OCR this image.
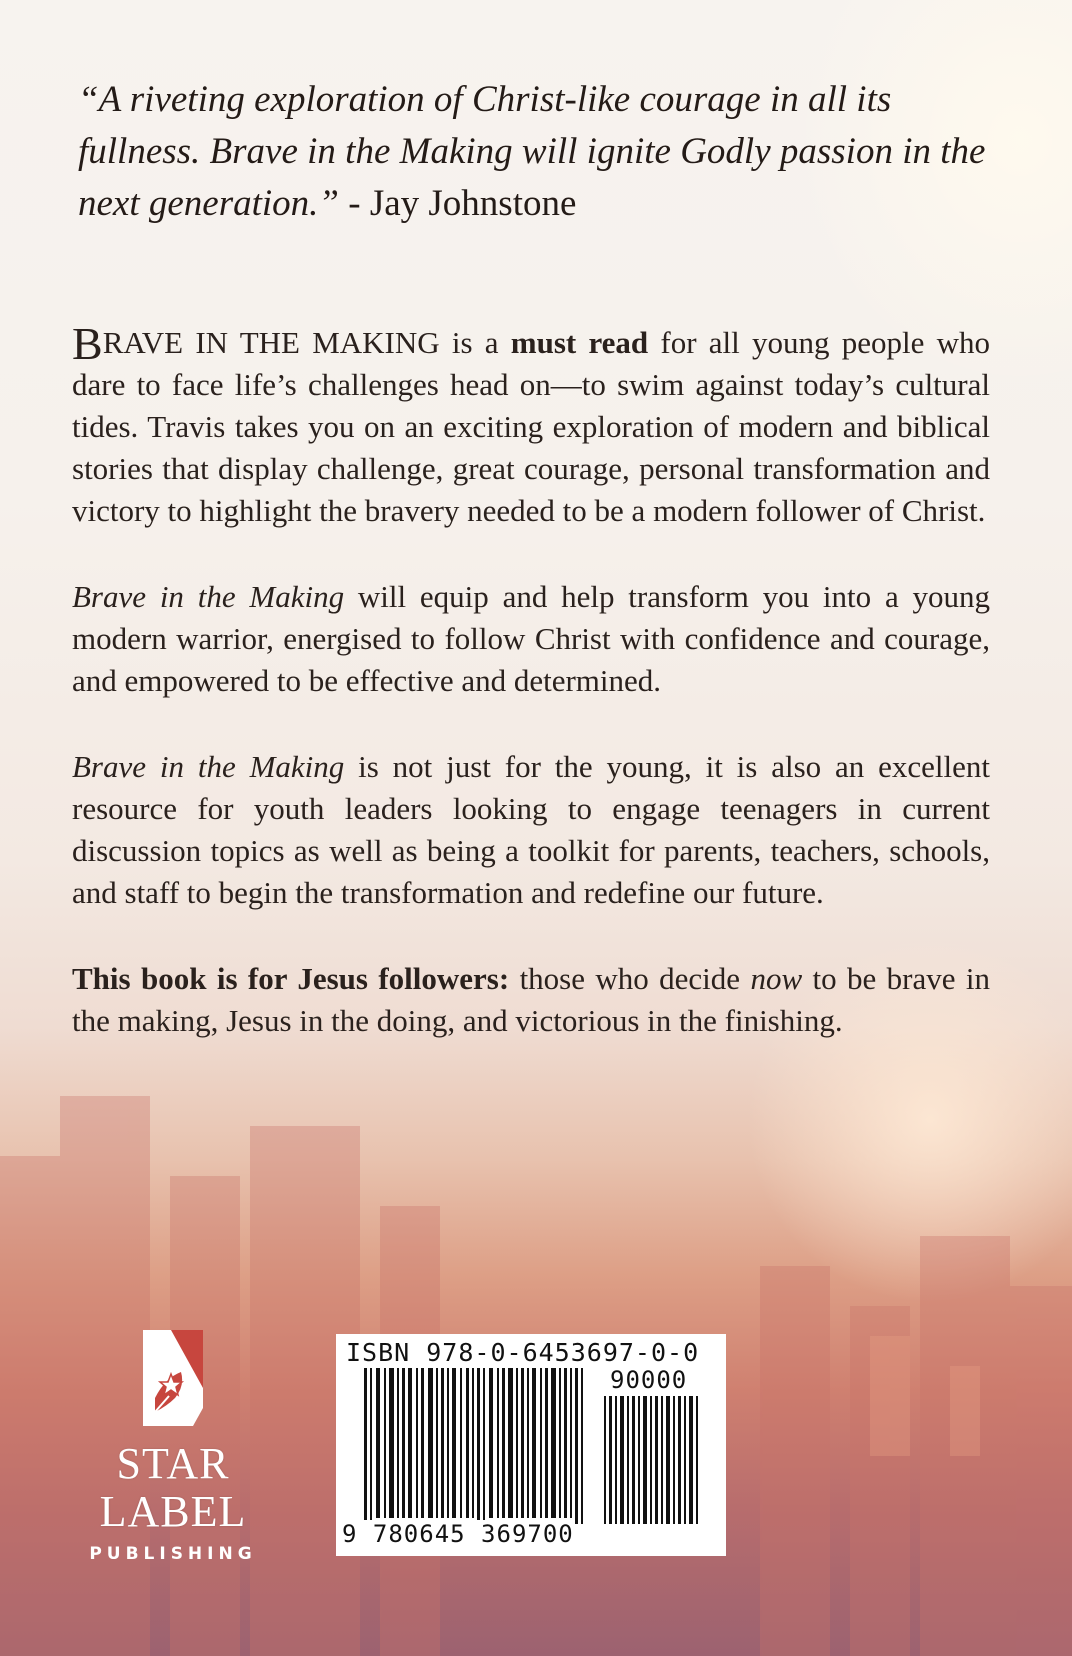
“A riveting exploration of Christ-like courage in all its fullness. Brave in the Making will ignite Godly passion in the next generation.” - Jay Johnstone

BRAVE IN THE MAKING is a must read for all young people who dare to face life’s challenges head on—to swim against today’s cultural tides. Travis takes you on an exciting exploration of modern and biblical stories that display challenge, great courage, personal transformation and victory to highlight the bravery needed to be a modern follower of Christ.

Brave in the Making will equip and help transform you into a young modern warrior, energised to follow Christ with confidence and courage, and empowered to be effective and determined.

Brave in the Making is not just for the young, it is also an excellent resource for youth leaders looking to engage teenagers in current discussion topics as well as being a toolkit for parents, teachers, schools, and staff to begin the transformation and redefine our future.

This book is for Jesus followers: those who decide now to be brave in the making, Jesus in the doing, and victorious in the finishing.

STAR LABEL
PUBLISHING
ISBN 978-0-6453697-0-0
90000
9 780645 369700
